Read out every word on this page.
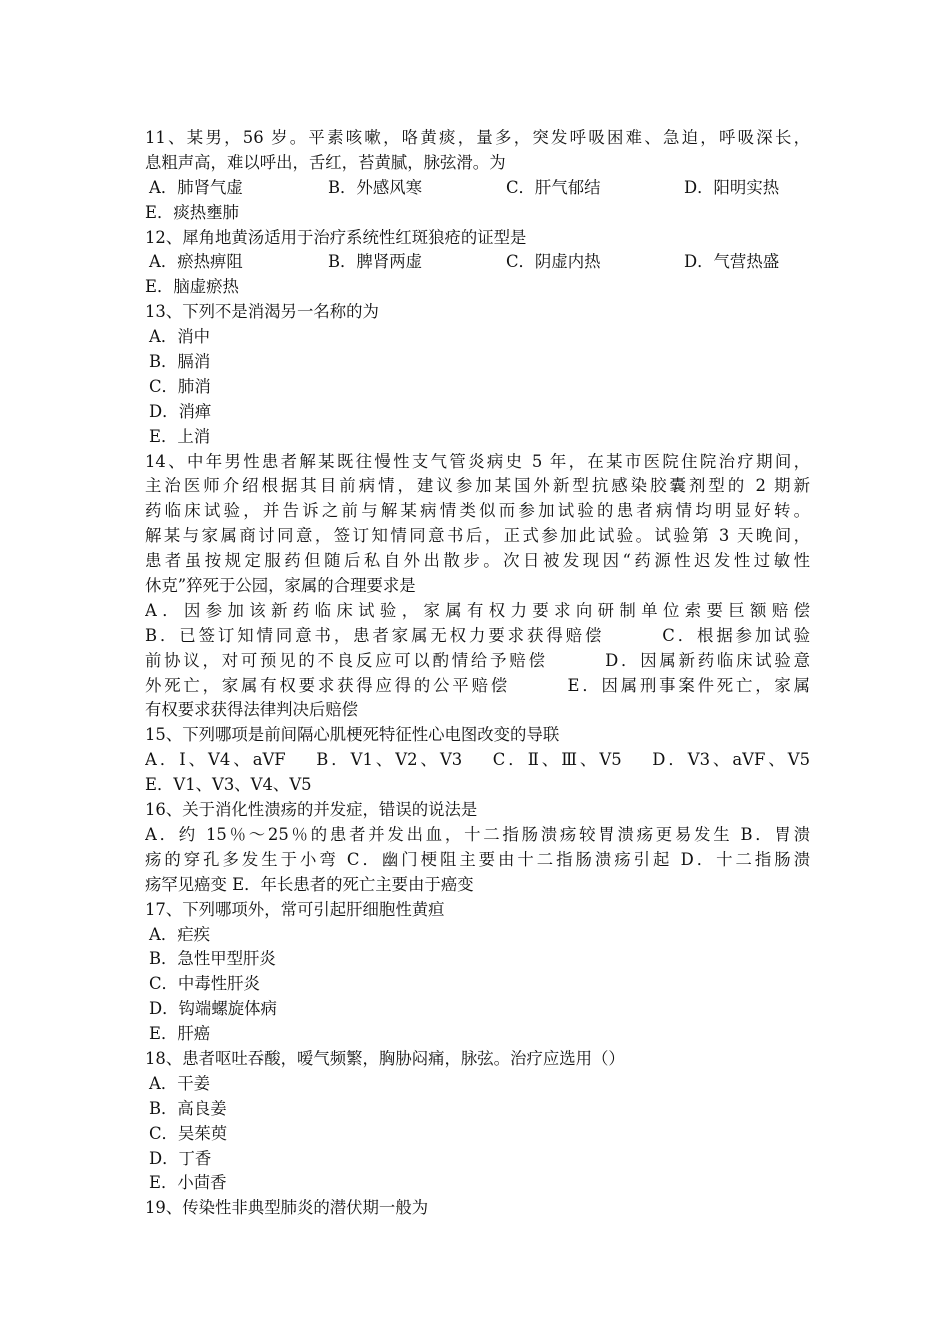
11、某男，56 岁。平素咳嗽，咯黄痰，量多，突发呼吸困难、急迫，呼吸深长，
息粗声高，难以呼出，舌红，苔黄腻，脉弦滑。为
A．肺肾气虚	B．外感风寒	C．肝气郁结	D．阳明实热
E．痰热壅肺
12、犀角地黄汤适用于治疗系统性红斑狼疮的证型是
A．瘀热痹阻	B．脾肾两虚	C．阴虚内热	D．气营热盛
E．脑虚瘀热
13、下列不是消渴另一名称的为
A．消中
B．膈消
C．肺消
D．消瘅
E．上消
14、中年男性患者解某既往慢性支气管炎病史 5 年，在某市医院住院治疗期间，
主治医师介绍根据其目前病情，建议参加某国外新型抗感染胶囊剂型的 2 期新
药临床试验，并告诉之前与解某病情类似而参加试验的患者病情均明显好转。
解某与家属商讨同意，签订知情同意书后，正式参加此试验。试验第 3 天晚间，
患者虽按规定服药但随后私自外出散步。次日被发现因“药源性迟发性过敏性
休克”猝死于公园，家属的合理要求是
A．因参加该新药临床试验，家属有权力要求向研制单位索要巨额赔偿
B．已签订知情同意书，患者家属无权力要求获得赔偿　　　C．根据参加试验
前协议，对可预见的不良反应可以酌情给予赔偿　　　D．因属新药临床试验意
外死亡，家属有权要求获得应得的公平赔偿　　　E．因属刑事案件死亡，家属
有权要求获得法律判决后赔偿
15、下列哪项是前间隔心肌梗死特征性心电图改变的导联
A．Ⅰ、V4、aVF　 B．V1、V2、V3　 C．Ⅱ、Ⅲ、V5　 D．V3、aVF、V5
E．V1、V3、V4、V5
16、关于消化性溃疡的并发症，错误的说法是
A．约 15％～25％的患者并发出血，十二指肠溃疡较胃溃疡更易发生 B．胃溃
疡的穿孔多发生于小弯 C．幽门梗阻主要由十二指肠溃疡引起 D．十二指肠溃
疡罕见癌变 E．年长患者的死亡主要由于癌变
17、下列哪项外，常可引起肝细胞性黄疸
A．疟疾
B．急性甲型肝炎
C．中毒性肝炎
D．钩端螺旋体病
E．肝癌
18、患者呕吐吞酸，嗳气频繁，胸胁闷痛，脉弦。治疗应选用（）
A．干姜
B．高良姜
C．吴茱萸
D．丁香
E．小茴香
19、传染性非典型肺炎的潜伏期一般为
